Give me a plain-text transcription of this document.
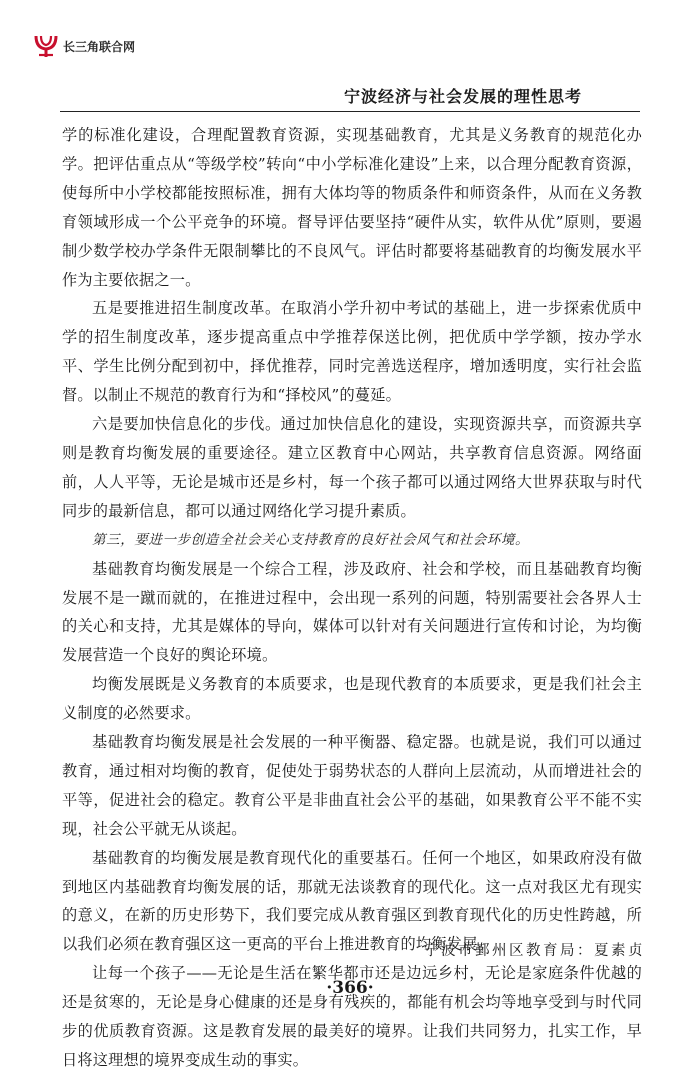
长三角联合网
宁波经济与社会发展的理性思考

学的标准化建设，合理配置教育资源，实现基础教育，尤其是义务教育的规范化办学。把评估重点从“等级学校”转向“中小学标准化建设”上来，以合理分配教育资源，使每所中小学校都能按照标准，拥有大体均等的物质条件和师资条件，从而在义务教育领域形成一个公平竞争的环境。督导评估要坚持“硬件从实，软件从优”原则，要遏制少数学校办学条件无限制攀比的不良风气。评估时都要将基础教育的均衡发展水平作为主要依据之一。

五是要推进招生制度改革。在取消小学升初中考试的基础上，进一步探索优质中学的招生制度改革，逐步提高重点中学推荐保送比例，把优质中学学额，按办学水平、学生比例分配到初中，择优推荐，同时完善选送程序，增加透明度，实行社会监督。以制止不规范的教育行为和“择校风”的蔓延。

六是要加快信息化的步伐。通过加快信息化的建设，实现资源共享，而资源共享则是教育均衡发展的重要途径。建立区教育中心网站，共享教育信息资源。网络面前，人人平等，无论是城市还是乡村，每一个孩子都可以通过网络大世界获取与时代同步的最新信息，都可以通过网络化学习提升素质。

第三，要进一步创造全社会关心支持教育的良好社会风气和社会环境。

基础教育均衡发展是一个综合工程，涉及政府、社会和学校，而且基础教育均衡发展不是一蹴而就的，在推进过程中，会出现一系列的问题，特别需要社会各界人士的关心和支持，尤其是媒体的导向，媒体可以针对有关问题进行宣传和讨论，为均衡发展营造一个良好的舆论环境。

均衡发展既是义务教育的本质要求，也是现代教育的本质要求，更是我们社会主义制度的必然要求。

基础教育均衡发展是社会发展的一种平衡器、稳定器。也就是说，我们可以通过教育，通过相对均衡的教育，促使处于弱势状态的人群向上层流动，从而增进社会的平等，促进社会的稳定。教育公平是非曲直社会公平的基础，如果教育公平不能不实现，社会公平就无从谈起。

基础教育的均衡发展是教育现代化的重要基石。任何一个地区，如果政府没有做到地区内基础教育均衡发展的话，那就无法谈教育的现代化。这一点对我区尤有现实的意义，在新的历史形势下，我们要完成从教育强区到教育现代化的历史性跨越，所以我们必须在教育强区这一更高的平台上推进教育的均衡发展。

让每一个孩子——无论是生活在繁华都市还是边远乡村，无论是家庭条件优越的还是贫寒的，无论是身心健康的还是身有残疾的，都能有机会均等地享受到与时代同步的优质教育资源。这是教育发展的最美好的境界。让我们共同努力，扎实工作，早日将这理想的境界变成生动的事实。

宁波市鄞州区教育局：夏素贞
·366·
